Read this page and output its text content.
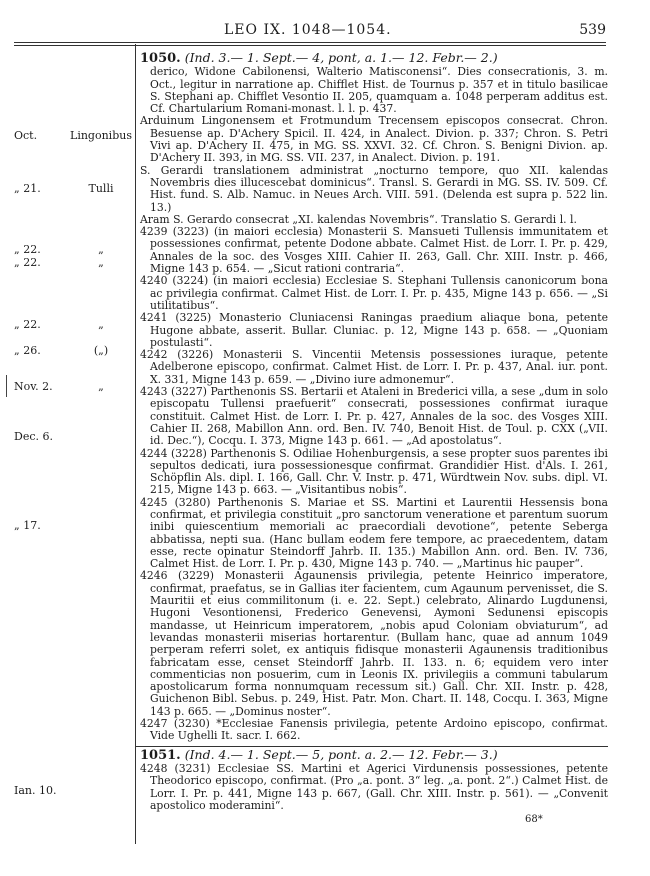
LEO IX. 1048—1054.	539
Oct.	Lingonibus
„ 21.	Tulli
„ 22.	„
„ 22.	„
„ 22.	„
„ 26.	(„)
Nov. 2.	„
Dec. 6.
„ 17.
Ian. 10.
1050. (Ind. 3.— 1. Sept.— 4, pont, a. 1.— 12. Febr.— 2.)

derico, Widone Cabilonensi, Walterio Matisconensi“. Dies consecrationis, 3. m. Oct., legitur in narratione ap. Chifflet Hist. de Tournus p. 357 et in titulo basilicae S. Stephani ap. Chifflet Vesontio II. 205, quamquam a. 1048 perperam additus est. Cf. Chartularium Romani-monast. l. l. p. 437.

Arduinum Lingonensem et Frotmundum Trecensem episcopos consecrat. Chron. Besuense ap. D'Achery Spicil. II. 424, in Analect. Divion. p. 337; Chron. S. Petri Vivi ap. D'Achery II. 475, in MG. SS. XXVI. 32. Cf. Chron. S. Benigni Divion. ap. D'Achery II. 393, in MG. SS. VII. 237, in Analect. Divion. p. 191.

S. Gerardi translationem administrat „nocturno tempore, quo XII. kalendas Novembris dies illucescebat dominicus“. Transl. S. Gerardi in MG. SS. IV. 509. Cf. Hist. fund. S. Alb. Namuc. in Neues Arch. VIII. 591. (Delenda est supra p. 522 lin. 13.)

Aram S. Gerardo consecrat „XI. kalendas Novembris“. Translatio S. Gerardi l. l.

4239 (3223) (in maiori ecclesia) Monasterii S. Mansueti Tullensis immunitatem et possessiones confirmat, petente Dodone abbate. Calmet Hist. de Lorr. I. Pr. p. 429, Annales de la soc. des Vosges XIII. Cahier II. 263, Gall. Chr. XIII. Instr. p. 466, Migne 143 p. 654. — „Sicut rationi contraria“.

4240 (3224) (in maiori ecclesia) Ecclesiae S. Stephani Tullensis canonicorum bona ac privilegia confirmat. Calmet Hist. de Lorr. I. Pr. p. 435, Migne 143 p. 656. — „Si utilitatibus“.

4241 (3225) Monasterio Cluniacensi Raningas praedium aliaque bona, petente Hugone abbate, asserit. Bullar. Cluniac. p. 12, Migne 143 p. 658. — „Quoniam postulasti“.

4242 (3226) Monasterii S. Vincentii Metensis possessiones iuraque, petente Adelberone episcopo, confirmat. Calmet Hist. de Lorr. I. Pr. p. 437, Anal. iur. pont. X. 331, Migne 143 p. 659. — „Divino iure admonemur“.

4243 (3227) Parthenonis SS. Bertarii et Ataleni in Brederici villa, a sese „dum in solo episcopatu Tullensi praefuerit“ consecrati, possessiones confirmat iuraque constituit. Calmet Hist. de Lorr. I. Pr. p. 427, Annales de la soc. des Vosges XIII. Cahier II. 268, Mabillon Ann. ord. Ben. IV. 740, Benoit Hist. de Toul. p. CXX („VII. id. Dec.“), Cocqu. I. 373, Migne 143 p. 661. — „Ad apostolatus“.

4244 (3228) Parthenonis S. Odiliae Hohenburgensis, a sese propter suos parentes ibi sepultos dedicati, iura possessionesque confirmat. Grandidier Hist. d'Als. I. 261, Schöpflin Als. dipl. I. 166, Gall. Chr. V. Instr. p. 471, Würdtwein Nov. subs. dipl. VI. 215, Migne 143 p. 663. — „Visitantibus nobis“.

4245 (3280) Parthenonis S. Mariae et SS. Martini et Laurentii Hessensis bona confirmat, et privilegia constituit „pro sanctorum veneratione et parentum suorum inibi quiescentium memoriali ac praecordiali devotione“, petente Seberga abbatissa, nepti sua. (Hanc bullam eodem fere tempore, ac praecedentem, datam esse, recte opinatur Steindorff Jahrb. II. 135.) Mabillon Ann. ord. Ben. IV. 736, Calmet Hist. de Lorr. I. Pr. p. 430, Migne 143 p. 740. — „Martinus hic pauper“.

4246 (3229) Monasterii Agaunensis privilegia, petente Heinrico imperatore, confirmat, praefatus, se in Gallias iter facientem, cum Agaunum pervenisset, die S. Mauritii et eius commilitonum (i. e. 22. Sept.) celebrato, Alinardo Lugdunensi, Hugoni Vesontionensi, Frederico Genevensi, Aymoni Sedunensi episcopis mandasse, ut Heinricum imperatorem, „nobis apud Coloniam obviaturum“, ad levandas monasterii miserias hortarentur. (Bullam hanc, quae ad annum 1049 perperam referri solet, ex antiquis fidisque monasterii Agaunensis traditionibus fabricatam esse, censet Steindorff Jahrb. II. 133. n. 6; equidem vero inter commenticias non posuerim, cum in Leonis IX. privilegiis a communi tabularum apostolicarum forma nonnumquam recessum sit.) Gall. Chr. XII. Instr. p. 428, Guichenon Bibl. Sebus. p. 249, Hist. Patr. Mon. Chart. II. 148, Cocqu. I. 363, Migne 143 p. 665. — „Dominus noster“.

4247 (3230) *Ecclesiae Fanensis privilegia, petente Ardoino episcopo, confirmat. Vide Ughelli It. sacr. I. 662.

1051. (Ind. 4.— 1. Sept.— 5, pont. a. 2.— 12. Febr.— 3.)

4248 (3231) Ecclesiae SS. Martini et Agerici Virdunensis possessiones, petente Theodorico episcopo, confirmat. (Pro „a. pont. 3“ leg. „a. pont. 2“.) Calmet Hist. de Lorr. I. Pr. p. 441, Migne 143 p. 667, (Gall. Chr. XIII. Instr. p. 561). — „Convenit apostolico moderamini“.

68*
